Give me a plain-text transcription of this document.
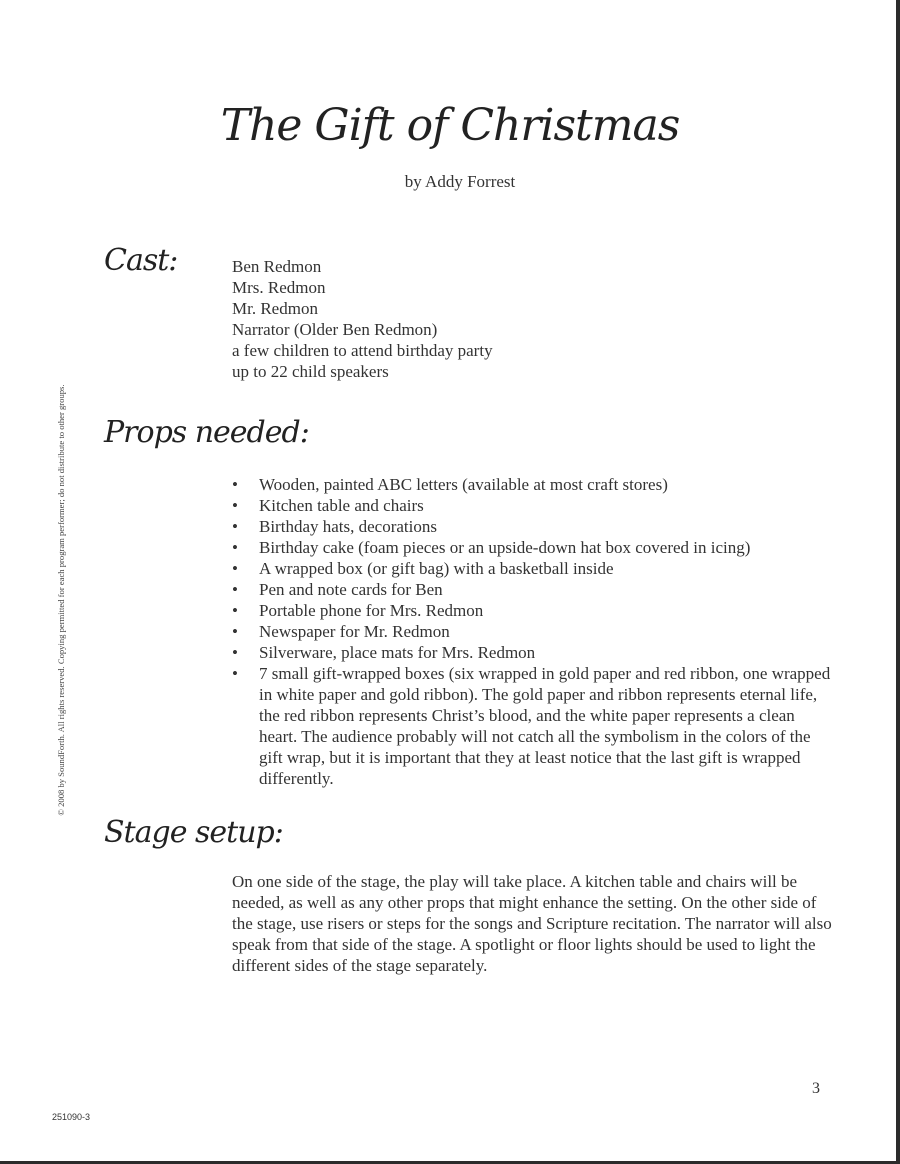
© 2008 by SoundForth. All rights reserved. Copying permitted for each program performer; do not distribute to other groups.
The Gift of Christmas
by Addy Forrest
Cast:	Ben Redmon
Mrs. Redmon
Mr. Redmon
Narrator (Older Ben Redmon)
a few children to attend birthday party
up to 22 child speakers
Props needed:
• Wooden, painted ABC letters (available at most craft stores)
• Kitchen table and chairs
• Birthday hats, decorations
• Birthday cake (foam pieces or an upside-down hat box covered in icing)
• A wrapped box (or gift bag) with a basketball inside
• Pen and note cards for Ben
• Portable phone for Mrs. Redmon
• Newspaper for Mr. Redmon
• Silverware, place mats for Mrs. Redmon
• 7 small gift-wrapped boxes (six wrapped in gold paper and red ribbon, one wrapped in white paper and gold ribbon). The gold paper and ribbon represents eternal life, the red ribbon represents Christ’s blood, and the white paper represents a clean heart. The audience probably will not catch all the symbolism in the colors of the gift wrap, but it is important that they at least notice that the last gift is wrapped differently.
Stage setup:

On one side of the stage, the play will take place. A kitchen table and chairs will be needed, as well as any other props that might enhance the setting. On the other side of the stage, use risers or steps for the songs and Scripture recitation. The narrator will also speak from that side of the stage. A spotlight or floor lights should be used to light the different sides of the stage separately.

3
251090-3
